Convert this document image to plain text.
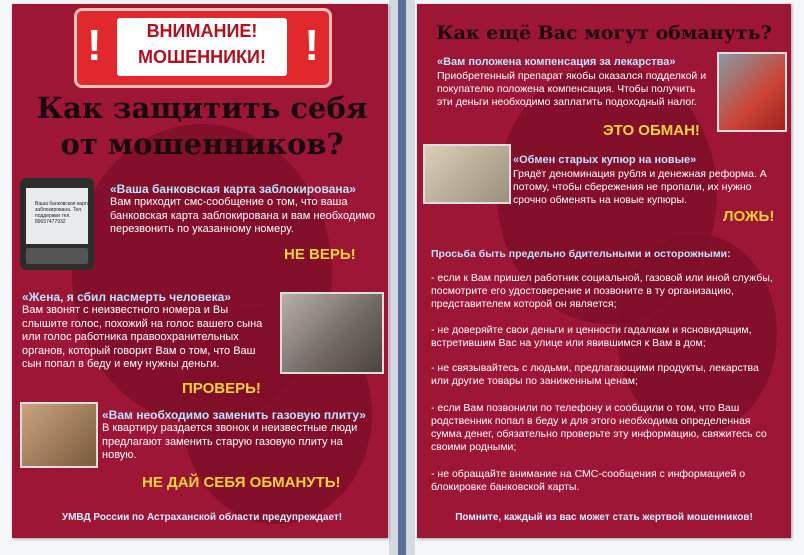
!	ВНИМАНИЕ!
МОШЕННИКИ! !
Как защитить себя от мошенников?
Ваша банковская карта заблокирована. Тел. поддержки тел. 89657477932
«Ваша банковская карта заблокирована»
Вам приходит смс-сообщение о том, что ваша банковская карта заблокирована и вам необходимо перезвонить по указанному номеру.
НЕ ВЕРЬ!
«Жена, я сбил насмерть человека»
Вам звонят с неизвестного номера и Вы слышите голос, похожий на голос вашего сына или голос работника правоохранительных органов, который говорит Вам о том, что Ваш сын попал в беду и ему нужны деньги.
ПРОВЕРЬ!
«Вам необходимо заменить газовую плиту»
В квартиру раздается звонок и неизвестные люди предлагают заменить старую газовую плиту на новую.
НЕ ДАЙ СЕБЯ ОБМАНУТЬ!
УМВД России по Астраханской области предупреждает!
Как ещё Вас могут обмануть?
«Вам положена компенсация за лекарства»
Приобретенный препарат якобы оказался подделкой и покупателю положена компенсация. Чтобы получить эти деньги необходимо заплатить подоходный налог.
ЭТО ОБМАН!
«Обмен старых купюр на новые»
Грядёт деноминация рубля и денежная реформа. А потому, чтобы сбережения не пропали, их нужно срочно обменять на новые купюры.
ЛОЖЬ!
Просьба быть предельно бдительными и осторожными:
- если к Вам пришел работник социальной, газовой или иной службы, посмотрите его удостоверение и позвоните в ту организацию, представителем которой он является;
- не доверяйте свои деньги и ценности гадалкам и ясновидящим, встретившим Вас на улице или явившимся к Вам в дом;
- не связывайтесь с людьми, предлагающими продукты, лекарства или другие товары по заниженным ценам;
- если Вам позвонили по телефону и сообщили о том, что Ваш родственник попал в беду и для этого необходима определенная сумма денег, обязательно проверьте эту информацию, свяжитесь со своими родными;
- не обращайте внимание на СМС-сообщения с информацией о блокировке банковской карты.
Помните, каждый из вас может стать жертвой мошенников!
